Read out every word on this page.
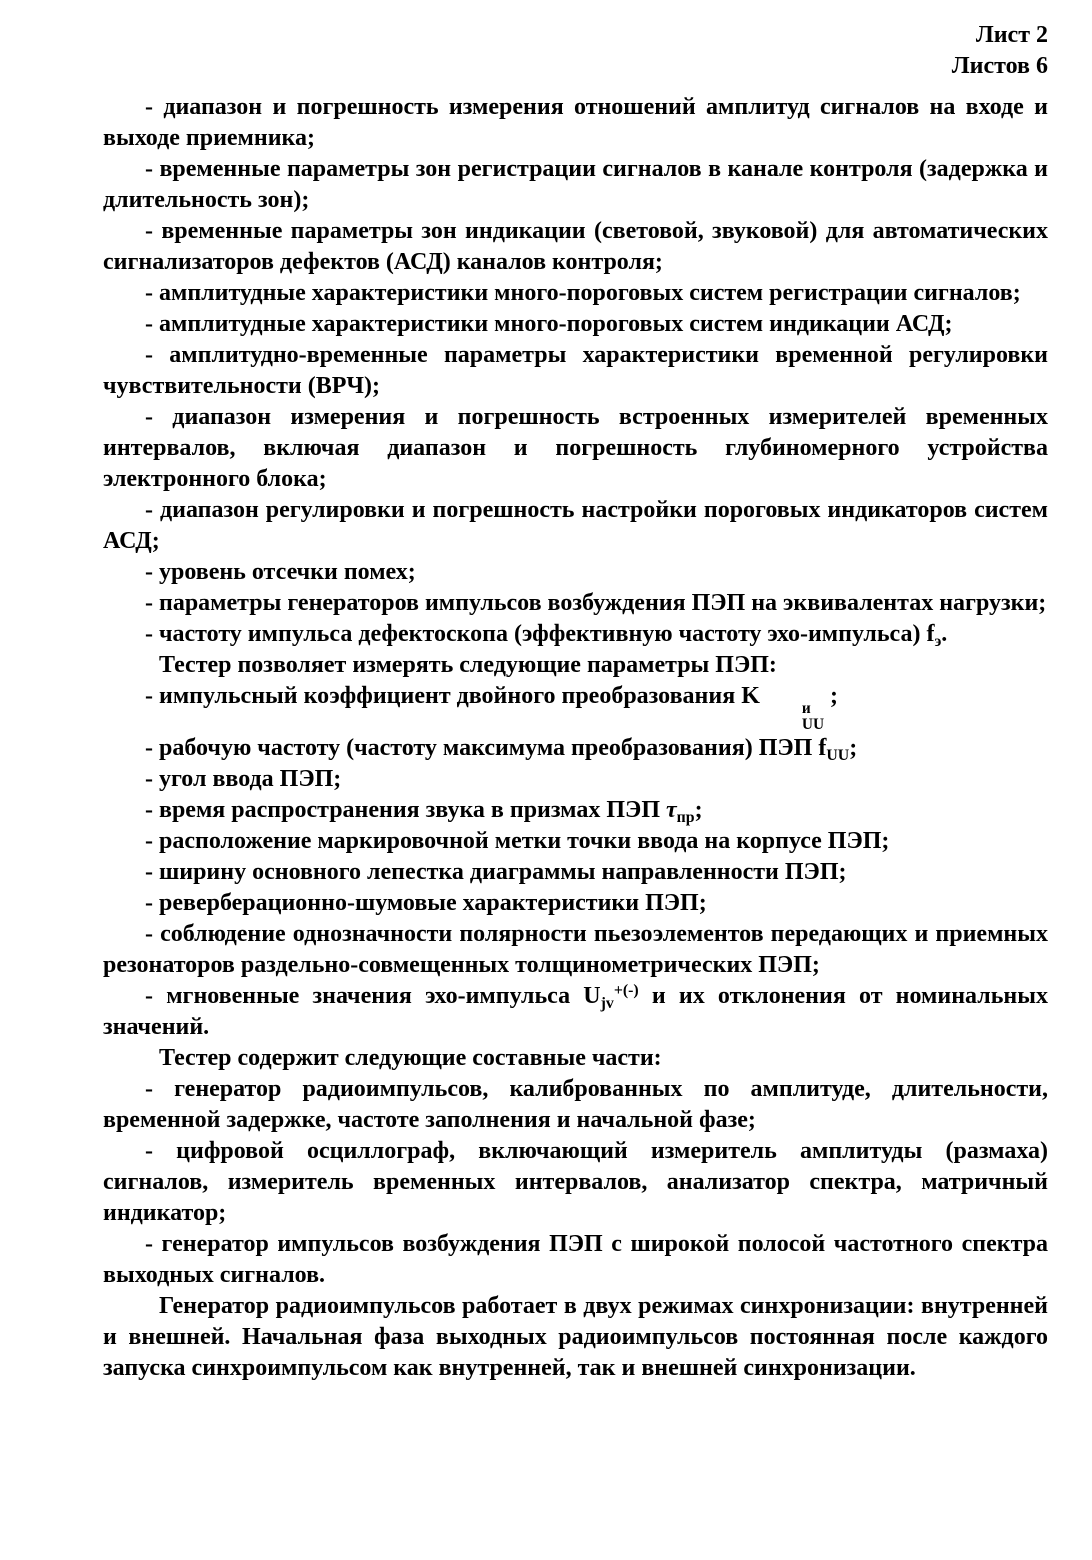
Лист 2
Листов 6

- диапазон и погрешность измерения отношений амплитуд сигналов на входе и выходе приемника;

- временные параметры зон регистрации сигналов в канале контроля (задержка и длительность зон);

- временные параметры зон индикации (световой, звуковой) для автоматических сигнализаторов дефектов (АСД) каналов контроля;

- амплитудные характеристики много-пороговых систем регистрации сигналов;

- амплитудные характеристики много-пороговых систем индикации АСД;

- амплитудно-временные параметры характеристики временной регулировки чувствительности (ВРЧ);

- диапазон измерения и погрешность встроенных измерителей временных интервалов, включая диапазон и погрешность глубиномерного устройства электронного блока;

- диапазон регулировки и погрешность настройки пороговых индикаторов систем АСД;

- уровень отсечки помех;

- параметры генераторов импульсов возбуждения ПЭП на эквивалентах нагрузки;

- частоту импульса дефектоскопа (эффективную частоту эхо-импульса) $f_э$.

Тестер позволяет измерять следующие параметры ПЭП:

- импульсный коэффициент двойного преобразования K	и
UU
;

- рабочую частоту (частоту максимума преобразования) ПЭП $f_{UU}$;

- угол ввода ПЭП;

- время распространения звука в призмах ПЭП $\tau_{пр}$;

- расположение маркировочной метки точки ввода на корпусе ПЭП;

- ширину основного лепестка диаграммы направленности ПЭП;

- реверберационно-шумовые характеристики ПЭП;

- соблюдение однозначности полярности пьезоэлементов передающих и приемных резонаторов раздельно-совмещенных толщинометрических ПЭП;

- мгновенные значения эхо-импульса $U_{jv}^{+(-)}$ и их отклонения от номинальных значений.

Тестер содержит следующие составные части:

- генератор радиоимпульсов, калиброванных по амплитуде, длительности, временной задержке, частоте заполнения и начальной фазе;

- цифровой осциллограф, включающий измеритель амплитуды (размаха) сигналов, измеритель временных интервалов, анализатор спектра, матричный индикатор;

- генератор импульсов возбуждения ПЭП с широкой полосой частотного спектра выходных сигналов.

Генератор радиоимпульсов работает в двух режимах синхронизации: внутренней и внешней. Начальная фаза выходных радиоимпульсов постоянная после каждого запуска синхроимпульсом как внутренней, так и внешней синхронизации.
